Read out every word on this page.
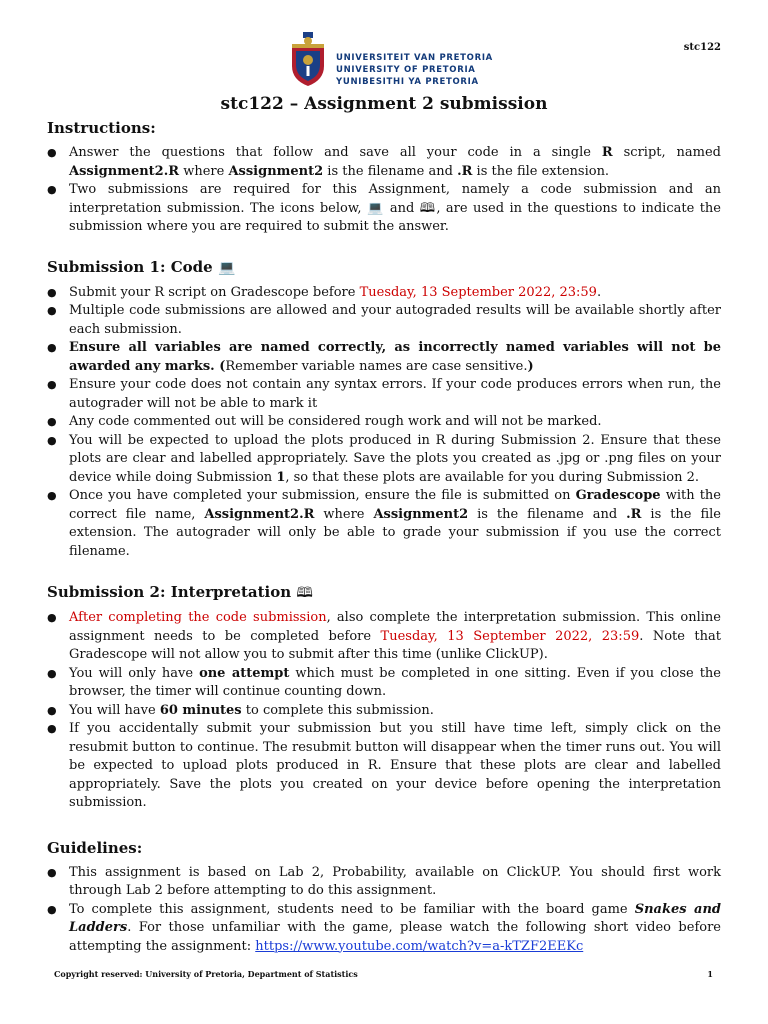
UNIVERSITEIT VAN PRETORIA
UNIVERSITY OF PRETORIA
YUNIBESITHI YA PRETORIA
stc122
stc122 – Assignment 2 submission
Instructions:
● Answer the questions that follow and save all your code in a single R script, named Assignment2.R where Assignment2 is the filename and .R is the file extension.
● Two submissions are required for this Assignment, namely a code submission and an interpretation submission. The icons below, 💻 and 🕮, are used in the questions to indicate the submission where you are required to submit the answer.
Submission 1: Code 💻
● Submit your R script on Gradescope before Tuesday, 13 September 2022, 23:59.
● Multiple code submissions are allowed and your autograded results will be available shortly after each submission.
● Ensure all variables are named correctly, as incorrectly named variables will not be awarded any marks. (Remember variable names are case sensitive.)
● Ensure your code does not contain any syntax errors. If your code produces errors when run, the autograder will not be able to mark it
● Any code commented out will be considered rough work and will not be marked.
● You will be expected to upload the plots produced in R during Submission 2. Ensure that these plots are clear and labelled appropriately. Save the plots you created as .jpg or .png files on your device while doing Submission 1, so that these plots are available for you during Submission 2.
● Once you have completed your submission, ensure the file is submitted on Gradescope with the correct file name, Assignment2.R where Assignment2 is the filename and .R is the file extension. The autograder will only be able to grade your submission if you use the correct filename.
Submission 2: Interpretation 🕮
● After completing the code submission, also complete the interpretation submission. This online assignment needs to be completed before Tuesday, 13 September 2022, 23:59. Note that Gradescope will not allow you to submit after this time (unlike ClickUP).
● You will only have one attempt which must be completed in one sitting. Even if you close the browser, the timer will continue counting down.
● You will have 60 minutes to complete this submission.
● If you accidentally submit your submission but you still have time left, simply click on the resubmit button to continue. The resubmit button will disappear when the timer runs out. You will be expected to upload plots produced in R. Ensure that these plots are clear and labelled appropriately. Save the plots you created on your device before opening the interpretation submission.
Guidelines:
● This assignment is based on Lab 2, Probability, available on ClickUP. You should first work through Lab 2 before attempting to do this assignment.
● To complete this assignment, students need to be familiar with the board game Snakes and Ladders. For those unfamiliar with the game, please watch the following short video before attempting the assignment: https://www.youtube.com/watch?v=a-kTZF2EEKc
Copyright reserved: University of Pretoria, Department of Statistics	1
